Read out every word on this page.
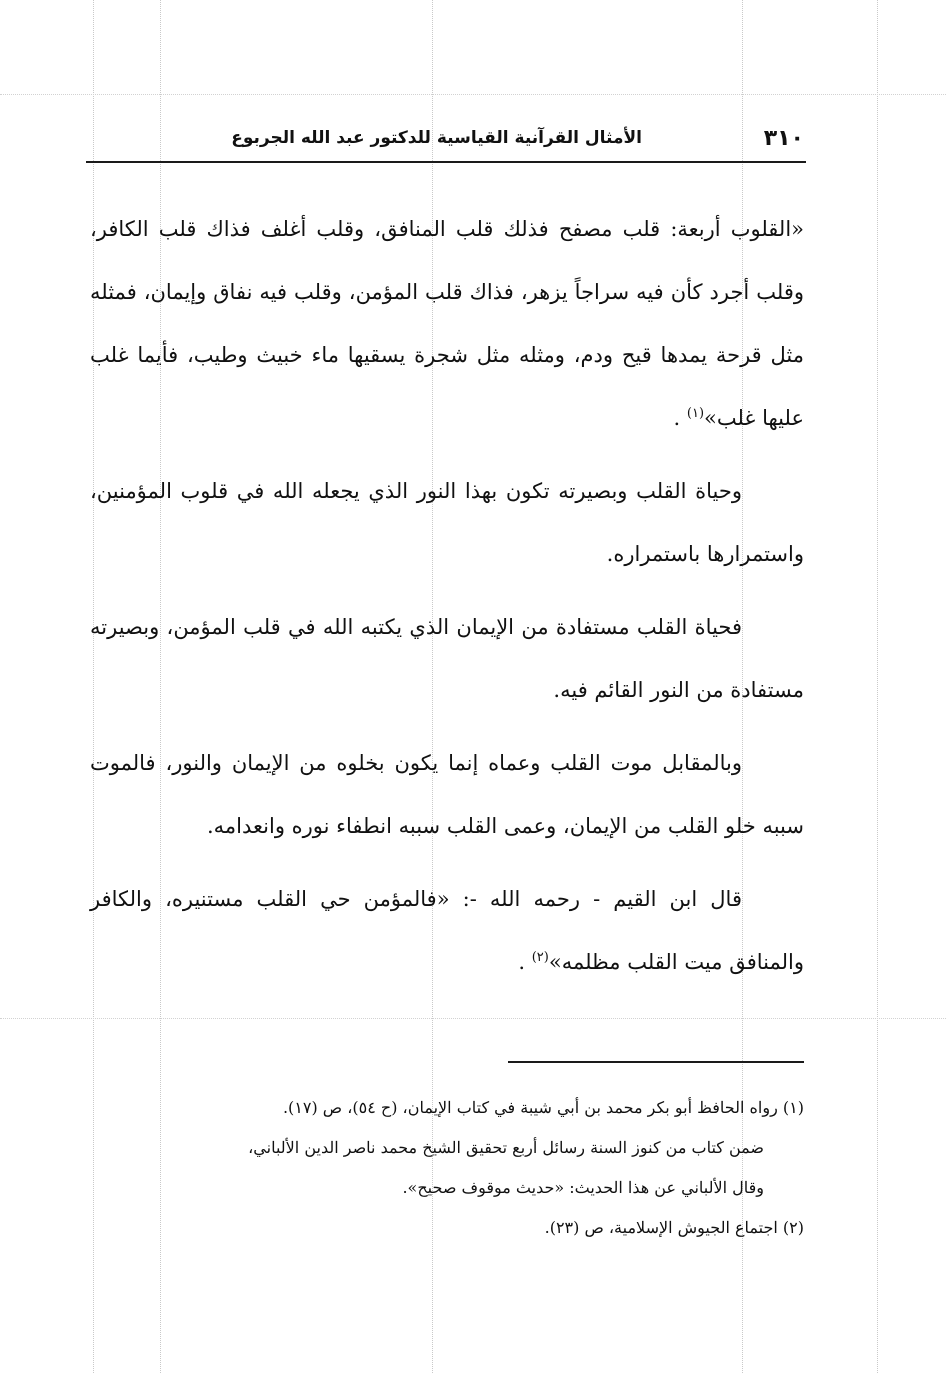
٣١٠
الأمثال القرآنية القياسية للدكتور عبد الله الجربوع

«القلوب أربعة: قلب مصفح فذلك قلب المنافق، وقلب أغلف فذاك قلب الكافر، وقلب أجرد كأن فيه سراجاً يزهر، فذاك قلب المؤمن، وقلب فيه نفاق وإيمان، فمثله مثل قرحة يمدها قيح ودم، ومثله مثل شجرة يسقيها ماء خبيث وطيب، فأيما غلب عليها غلب»$^{(١)}$ .

وحياة القلب وبصيرته تكون بهذا النور الذي يجعله الله في قلوب المؤمنين، واستمرارها باستمراره.

فحياة القلب مستفادة من الإيمان الذي يكتبه الله في قلب المؤمن، وبصيرته مستفادة من النور القائم فيه.

وبالمقابل موت القلب وعماه إنما يكون بخلوه من الإيمان والنور، فالموت سببه خلو القلب من الإيمان، وعمى القلب سببه انطفاء نوره وانعدامه.

قال ابن القيم - رحمه الله -: «فالمؤمن حي القلب مستنيره، والكافر والمنافق ميت القلب مظلمه»$^{(٢)}$ .

(١) رواه الحافظ أبو بكر محمد بن أبي شيبة في كتاب الإيمان، (ح ٥٤)، ص (١٧).

ضمن كتاب من كنوز السنة رسائل أربع تحقيق الشيخ محمد ناصر الدين الألباني،

وقال الألباني عن هذا الحديث: «حديث موقوف صحيح».

(٢) اجتماع الجيوش الإسلامية، ص (٢٣).
